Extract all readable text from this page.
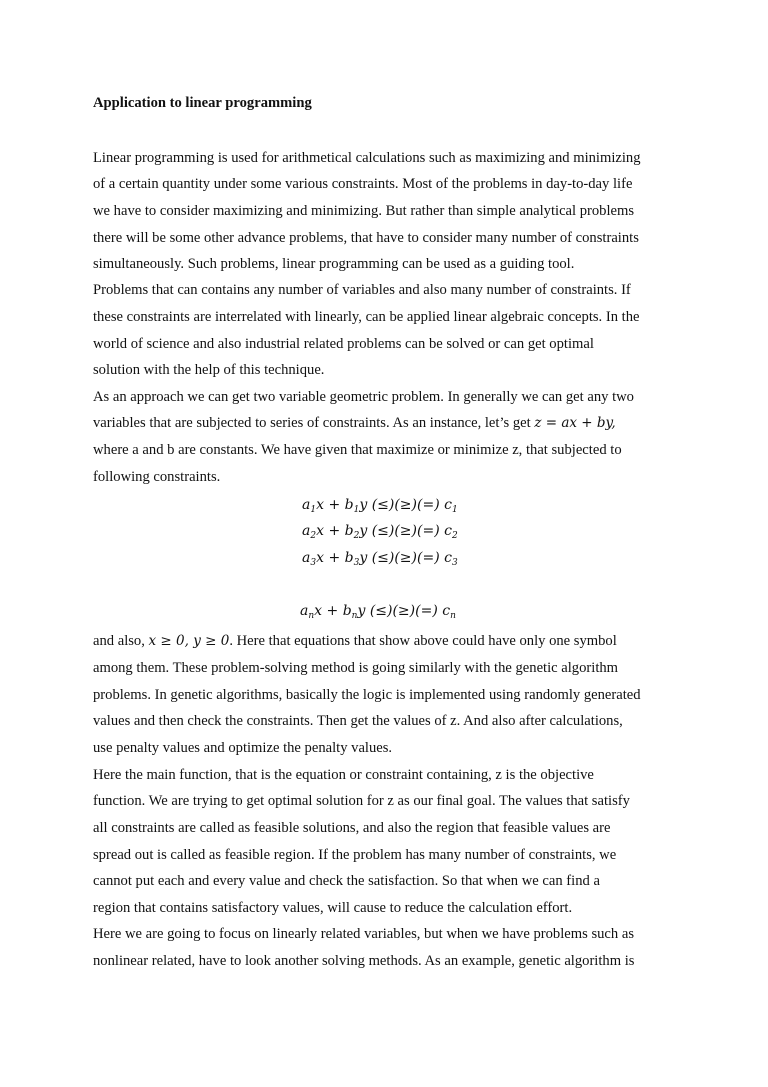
Application to linear programming
Linear programming is used for arithmetical calculations such as maximizing and minimizing
of a certain quantity under some various constraints. Most of the problems in day-to-day life
we have to consider maximizing and minimizing. But rather than simple analytical problems
there will be some other advance problems, that have to consider many number of constraints
simultaneously. Such problems, linear programming can be used as a guiding tool.
Problems that can contains any number of variables and also many number of constraints. If
these constraints are interrelated with linearly, can be applied linear algebraic concepts. In the
world of science and also industrial related problems can be solved or can get optimal
solution with the help of this technique.
As an approach we can get two variable geometric problem. In generally we can get any two
variables that are subjected to series of constraints. As an instance, let’s get z = ax + by,
where a and b are constants. We have given that maximize or minimize z, that subjected to
following constraints.
$a_1x + b_1y$ (≤)(≥)(=) $c_1$
$a_2x + b_2y$ (≤)(≥)(=) $c_2$
$a_3x + b_3y$ (≤)(≥)(=) $c_3$
$a_nx + b_ny$ (≤)(≥)(=) $c_n$
and also, x ≥ 0, y ≥ 0. Here that equations that show above could have only one symbol
among them. These problem-solving method is going similarly with the genetic algorithm
problems. In genetic algorithms, basically the logic is implemented using randomly generated
values and then check the constraints. Then get the values of z. And also after calculations,
use penalty values and optimize the penalty values.
Here the main function, that is the equation or constraint containing, z is the objective
function. We are trying to get optimal solution for z as our final goal. The values that satisfy
all constraints are called as feasible solutions, and also the region that feasible values are
spread out is called as feasible region. If the problem has many number of constraints, we
cannot put each and every value and check the satisfaction. So that when we can find a
region that contains satisfactory values, will cause to reduce the calculation effort.
Here we are going to focus on linearly related variables, but when we have problems such as
nonlinear related, have to look another solving methods. As an example, genetic algorithm is
